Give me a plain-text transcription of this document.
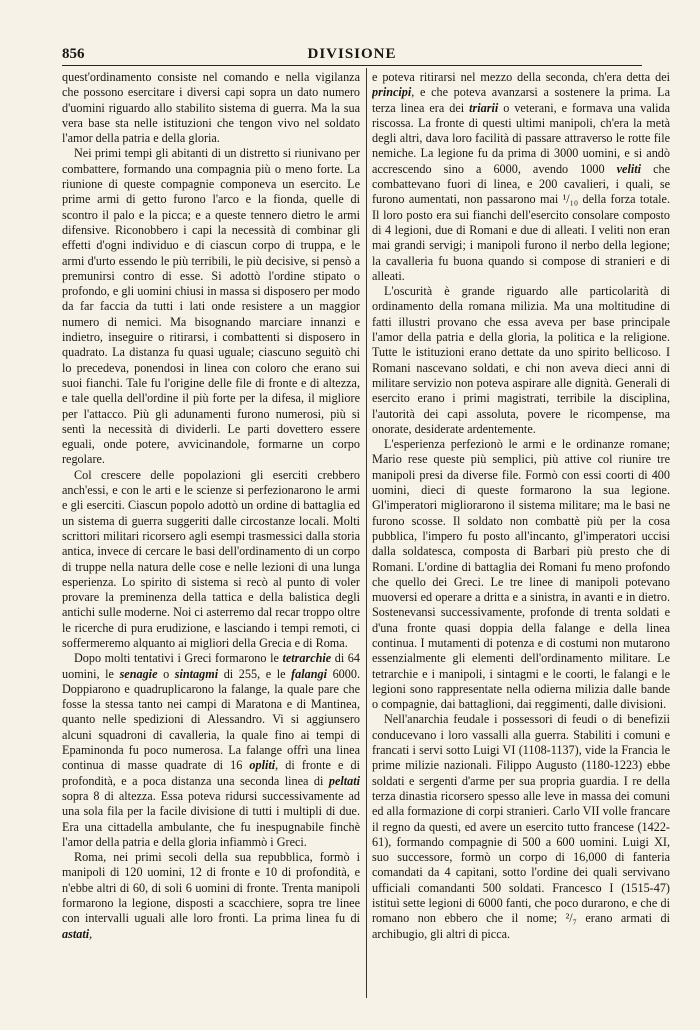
856	DIVISIONE

quest'ordinamento consiste nel comando e nella vigilanza che possono esercitare i diversi capi sopra un dato numero d'uomini riguardo allo stabilito sistema di guerra. Ma la sua vera base sta nelle istituzioni che tengon vivo nel soldato l'amor della patria e della gloria.

Nei primi tempi gli abitanti di un distretto si riunivano per combattere, formando una compagnia più o meno forte. La riunione di queste compagnie componeva un esercito. Le prime armi di getto furono l'arco e la fionda, quelle di scontro il palo e la picca; e a queste tennero dietro le armi difensive. Riconobbero i capi la necessità di combinar gli effetti d'ogni individuo e di ciascun corpo di truppa, e le armi d'urto essendo le più terribili, le più decisive, si pensò a premunirsi contro di esse. Si adottò l'ordine stipato o profondo, e gli uomini chiusi in massa si disposero per modo da far faccia da tutti i lati onde resistere a un maggior numero di nemici. Ma bisognando marciare innanzi e indietro, inseguire o ritirarsi, i combattenti si disposero in quadrato. La distanza fu quasi uguale; ciascuno seguitò chi lo precedeva, ponendosi in linea con coloro che erano sui suoi fianchi. Tale fu l'origine delle file di fronte e di altezza, e tale quella dell'ordine il più forte per la difesa, il migliore per l'attacco. Più gli adunamenti furono numerosi, più si sentì la necessità di dividerli. Le parti dovettero essere eguali, onde potere, avvicinandole, formarne un corpo regolare.

Col crescere delle popolazioni gli eserciti crebbero anch'essi, e con le arti e le scienze si perfezionarono le armi e gli eserciti. Ciascun popolo adottò un ordine di battaglia ed un sistema di guerra suggeriti dalle circostanze locali. Molti scrittori militari ricorsero agli esempi trasmessici dalla storia antica, invece di cercare le basi dell'ordinamento di un corpo di truppe nella natura delle cose e nelle lezioni di una lunga esperienza. Lo spirito di sistema si recò al punto di voler provare la preminenza della tattica e della balistica degli antichi sulle moderne. Noi ci asterremo dal recar troppo oltre le ricerche di pura erudizione, e lasciando i tempi remoti, ci soffermeremo alquanto ai migliori della Grecia e di Roma.

Dopo molti tentativi i Greci formarono le tetrarchie di 64 uomini, le senagie o sintagmi di 255, e le falangi 6000. Doppiarono e quadruplicarono la falange, la quale pare che fosse la stessa tanto nei campi di Maratona e di Mantinea, quanto nelle spedizioni di Alessandro. Vi si aggiunsero alcuni squadroni di cavalleria, la quale fino ai tempi di Epaminonda fu poco numerosa. La falange offrì una linea continua di masse quadrate di 16 opliti, di fronte e di profondità, e a poca distanza una seconda linea di peltati sopra 8 di altezza. Essa poteva ridursi successivamente ad una sola fila per la facile divisione di tutti i multipli di due. Era una cittadella ambulante, che fu inespugnabile finchè l'amor della patria e della gloria infiammò i Greci.

Roma, nei primi secoli della sua repubblica, formò i manipoli di 120 uomini, 12 di fronte e 10 di profondità, e n'ebbe altri di 60, di soli 6 uomini di fronte. Trenta manipoli formarono la legione, disposti a scacchiere, sopra tre linee con intervalli uguali alle loro fronti. La prima linea fu di astati,

e poteva ritirarsi nel mezzo della seconda, ch'era detta dei principi, e che poteva avanzarsi a sostenere la prima. La terza linea era dei triarii o veterani, e formava una valida riscossa. La fronte di questi ultimi manipoli, ch'era la metà degli altri, dava loro facilità di passare attraverso le rotte file nemiche. La legione fu da prima di 3000 uomini, e si andò accrescendo sino a 6000, avendo 1000 veliti che combattevano fuori di linea, e 200 cavalieri, i quali, se furono aumentati, non passarono mai ¹/₁₀ della forza totale. Il loro posto era sui fianchi dell'esercito consolare composto di 4 legioni, due di Romani e due di alleati. I veliti non eran mai grandi servigi; i manipoli furono il nerbo della legione; la cavalleria fu buona quando si compose di stranieri e di alleati.

L'oscurità è grande riguardo alle particolarità di ordinamento della romana milizia. Ma una moltitudine di fatti illustri provano che essa aveva per base principale l'amor della patria e della gloria, la politica e la religione. Tutte le istituzioni erano dettate da uno spirito bellicoso. I Romani nascevano soldati, e chi non aveva dieci anni di militare servizio non poteva aspirare alle dignità. Generali di esercito erano i primi magistrati, terribile la disciplina, l'autorità dei capi assoluta, povere le ricompense, ma onorate, desiderate ardentemente.

L'esperienza perfezionò le armi e le ordinanze romane; Mario rese queste più semplici, più attive col riunire tre manipoli presi da diverse file. Formò con essi coorti di 400 uomini, dieci di queste formarono la sua legione. Gl'imperatori migliorarono il sistema militare; ma le basi ne furono scosse. Il soldato non combattè più per la cosa pubblica, l'impero fu posto all'incanto, gl'imperatori uccisi dalla soldatesca, composta di Barbari più presto che di Romani. L'ordine di battaglia dei Romani fu meno profondo che quello dei Greci. Le tre linee di manipoli potevano muoversi ed operare a dritta e a sinistra, in avanti e in dietro. Sostenevansi successivamente, profonde di trenta soldati e d'una fronte quasi doppia della falange e della linea continua. I mutamenti di potenza e di costumi non mutarono essenzialmente gli elementi dell'ordinamento militare. Le tetrarchie e i manipoli, i sintagmi e le coorti, le falangi e le legioni sono rappresentate nella odierna milizia dalle bande o compagnie, dai battaglioni, dai reggimenti, dalle divisioni.

Nell'anarchia feudale i possessori di feudi o di benefizii conducevano i loro vassalli alla guerra. Stabiliti i comuni e francati i servi sotto Luigi VI (1108-1137), vide la Francia le prime milizie nazionali. Filippo Augusto (1180-1223) ebbe soldati e sergenti d'arme per sua propria guardia. I re della terza dinastia ricorsero spesso alle leve in massa dei comuni ed alla formazione di corpi stranieri. Carlo VII volle francare il regno da questi, ed avere un esercito tutto francese (1422-61), formando compagnie di 500 a 600 uomini. Luigi XI, suo successore, formò un corpo di 16,000 di fanteria comandati da 4 capitani, sotto l'ordine dei quali servivano ufficiali comandanti 500 soldati. Francesco I (1515-47) istituì sette legioni di 6000 fanti, che poco durarono, e che di romano non ebbero che il nome; ²/₇ erano armati di archibugio, gli altri di picca.
